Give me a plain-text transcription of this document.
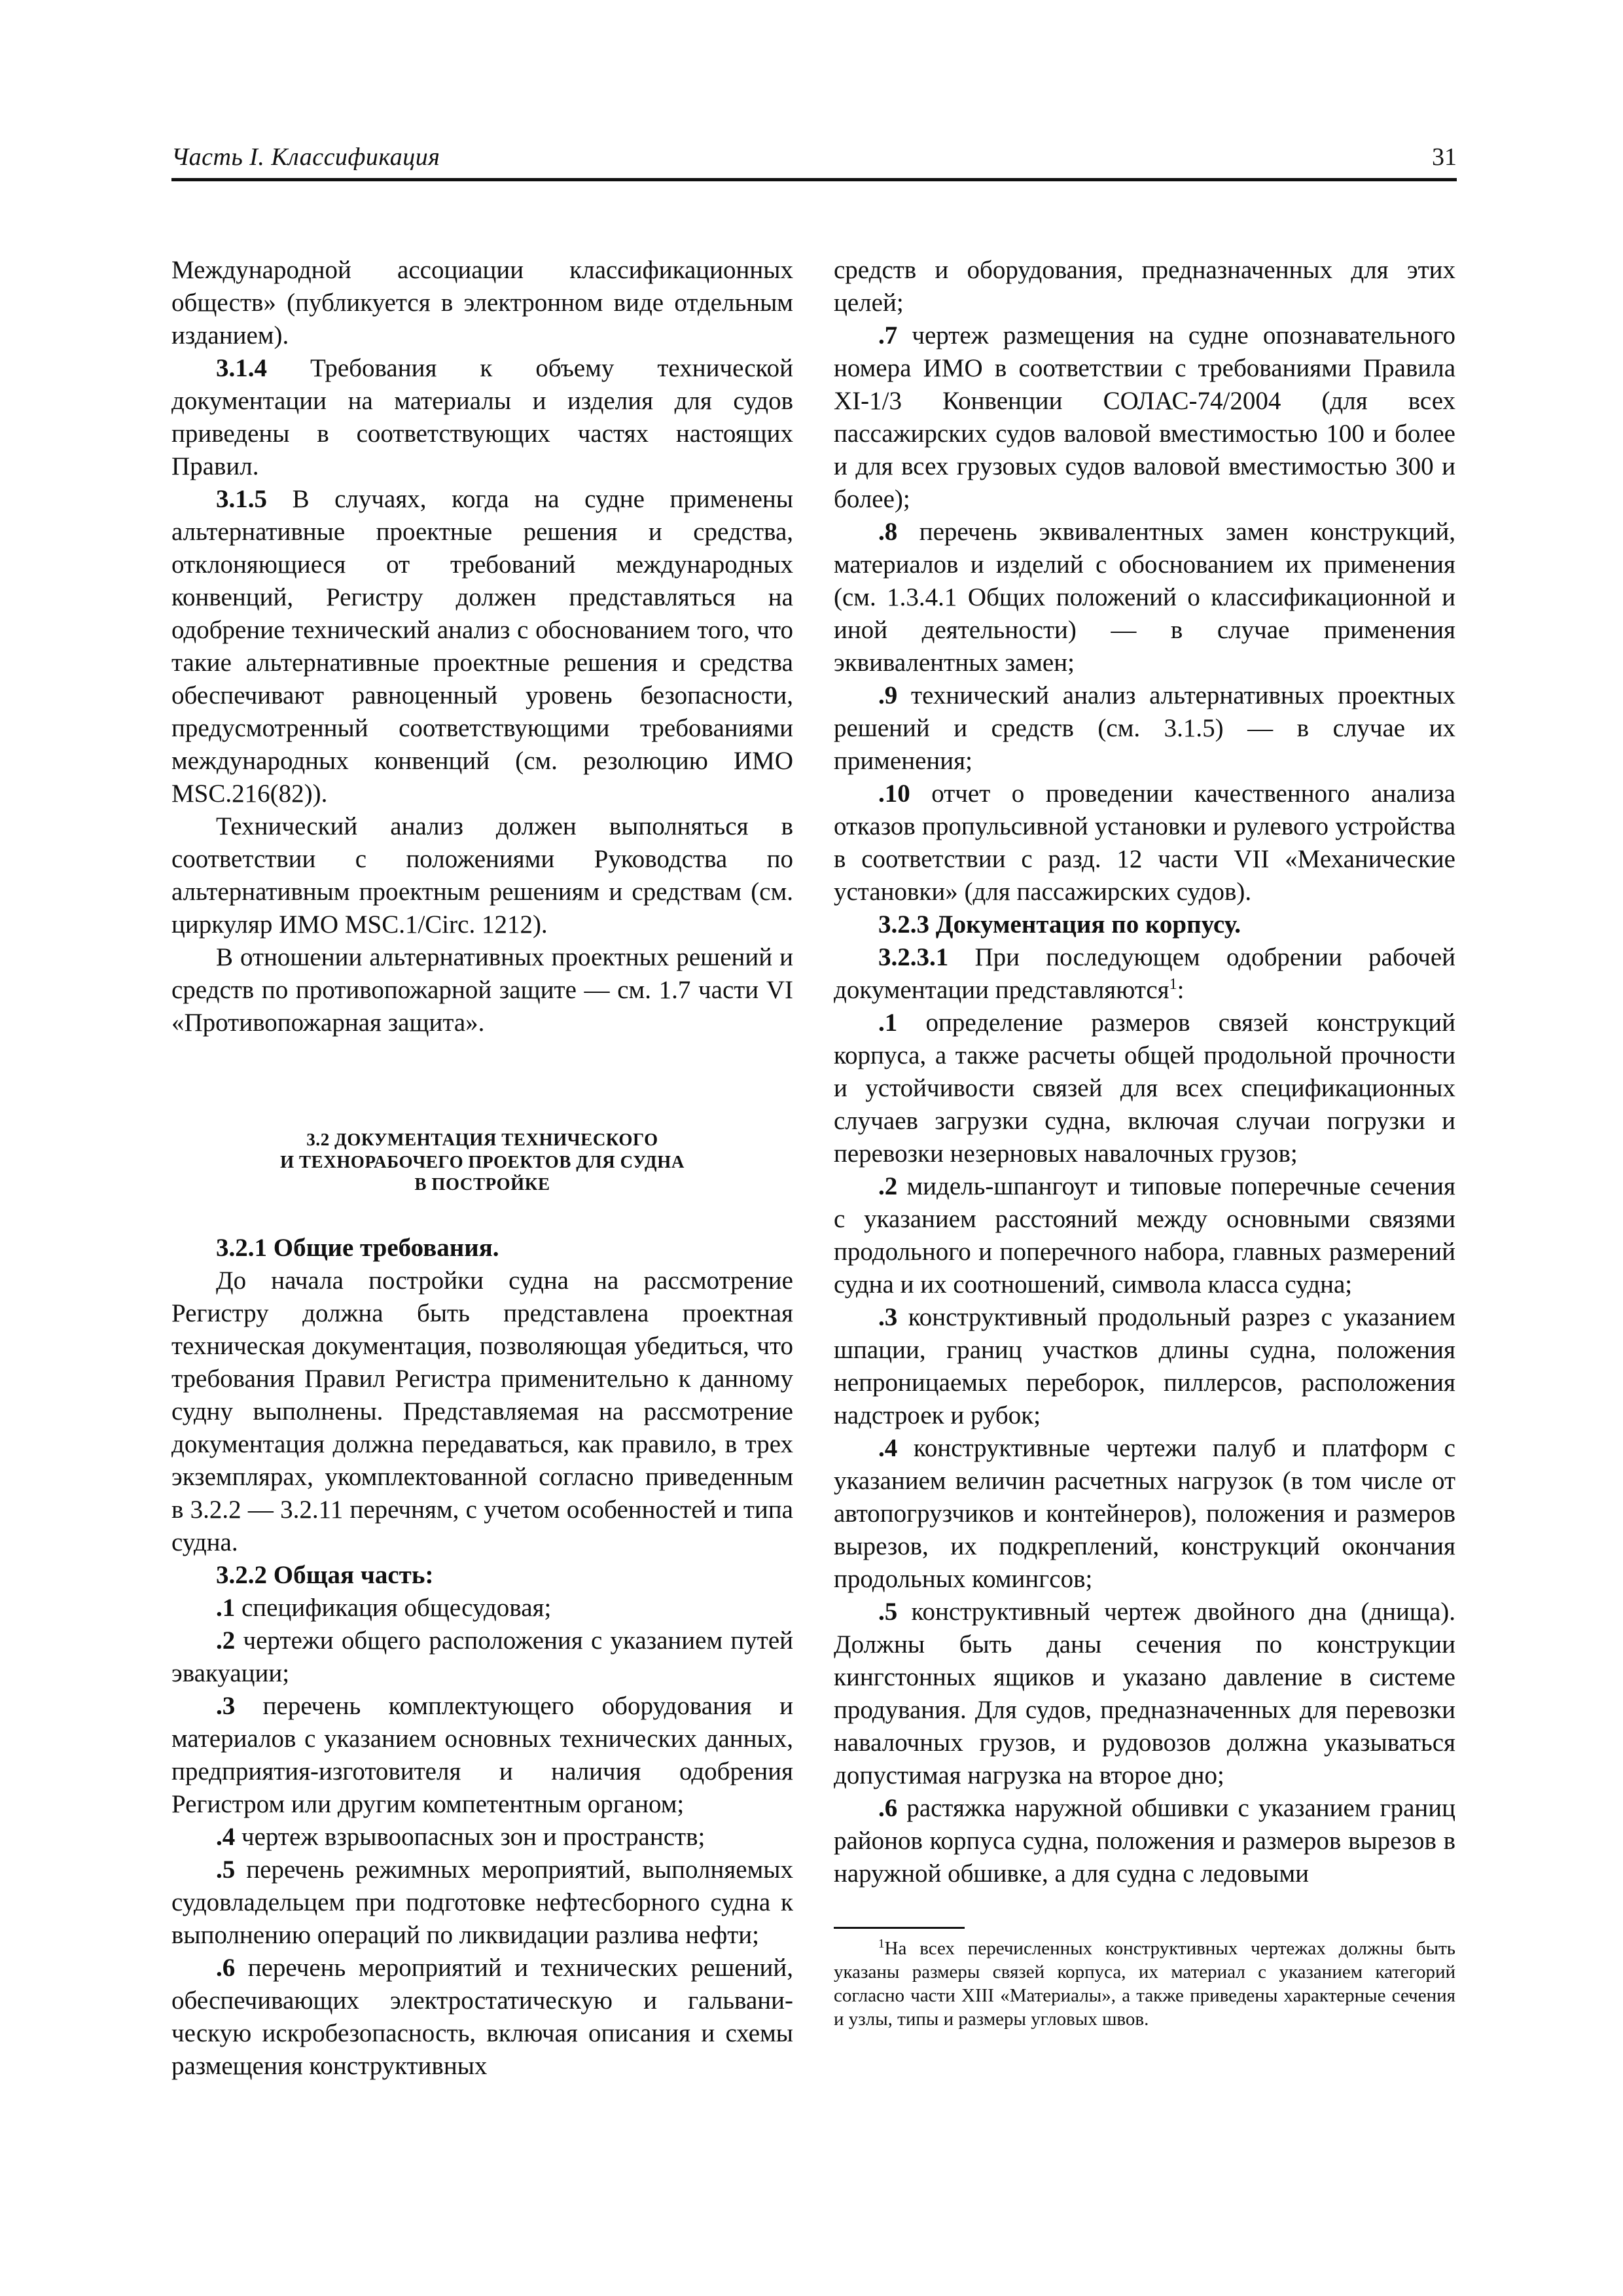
Часть I. Классификация	31

Международной ассоциации классификационных обществ» (публикуется в электронном виде отдельным изданием).

3.1.4 Требования к объему технической документации на материалы и изделия для судов приведены в соответствующих частях настоящих Правил.

3.1.5 В случаях, когда на судне применены альтернативные проектные решения и средства, отклоняющиеся от требований международных конвенций, Регистру должен представляться на одобрение технический анализ с обоснованием того, что такие альтернативные проектные решения и средства обеспечивают равноценный уровень безопасности, предусмотренный соответствующими требованиями международных конвенций (см. резолюцию ИМО MSC.216(82)).

Технический анализ должен выполняться в соответствии с положениями Руководства по альтернативным проектным решениям и средствам (см. циркуляр ИМО MSC.1/Circ. 1212).

В отношении альтернативных проектных решений и средств по противопожарной защите — см. 1.7 части VI «Противопожарная защита».

3.2 ДОКУМЕНТАЦИЯ ТЕХНИЧЕСКОГО
И ТЕХНОРАБОЧЕГО ПРОЕКТОВ ДЛЯ СУДНА
В ПОСТРОЙКЕ

3.2.1 Общие требования.

До начала постройки судна на рассмотрение Регистру должна быть представлена проектная техническая документация, позволяющая убедиться, что требования Правил Регистра применительно к данному судну выполнены. Представляемая на рассмотрение документация должна передаваться, как правило, в трех экземплярах, укомплектованной согласно приведенным в 3.2.2 — 3.2.11 перечням, с учетом особенностей и типа судна.

3.2.2 Общая часть:

.1 спецификация общесудовая;

.2 чертежи общего расположения с указанием путей эвакуации;

.3 перечень комплектующего оборудования и материалов с указанием основных технических данных, предприятия-изготовителя и наличия одобрения Регистром или другим компетентным органом;

.4 чертеж взрывоопасных зон и пространств;

.5 перечень режимных мероприятий, выполняемых судовладельцем при подготовке нефтесборного судна к выполнению операций по ликвидации разлива нефти;

.6 перечень мероприятий и технических решений, обеспечивающих электростатическую и гальвани-ческую искробезопасность, включая описания и схемы размещения конструктивных

средств и оборудования, предназначенных для этих целей;

.7 чертеж размещения на судне опознавательного номера ИМО в соответствии с требованиями Правила XI-1/3 Конвенции СОЛАС-74/2004 (для всех пассажирских судов валовой вместимостью 100 и более и для всех грузовых судов валовой вместимостью 300 и более);

.8 перечень эквивалентных замен конструкций, материалов и изделий с обоснованием их применения (см. 1.3.4.1 Общих положений о классификационной и иной деятельности) — в случае применения эквивалентных замен;

.9 технический анализ альтернативных проектных решений и средств (см. 3.1.5) — в случае их применения;

.10 отчет о проведении качественного анализа отказов пропульсивной установки и рулевого устройства в соответствии с разд. 12 части VII «Механические установки» (для пассажирских судов).

3.2.3 Документация по корпусу.

3.2.3.1 При последующем одобрении рабочей документации представляются$^1$:

.1 определение размеров связей конструкций корпуса, а также расчеты общей продольной прочности и устойчивости связей для всех спецификационных случаев загрузки судна, включая случаи погрузки и перевозки незерновых навалочных грузов;

.2 мидель-шпангоут и типовые поперечные сечения с указанием расстояний между основными связями продольного и поперечного набора, главных размерений судна и их соотношений, символа класса судна;

.3 конструктивный продольный разрез с указанием шпации, границ участков длины судна, положения непроницаемых переборок, пиллерсов, расположения надстроек и рубок;

.4 конструктивные чертежи палуб и платформ с указанием величин расчетных нагрузок (в том числе от автопогрузчиков и контейнеров), положения и размеров вырезов, их подкреплений, конструкций окончания продольных комингсов;

.5 конструктивный чертеж двойного дна (днища). Должны быть даны сечения по конструкции кингстонных ящиков и указано давление в системе продувания. Для судов, предназначенных для перевозки навалочных грузов, и рудовозов должна указываться допустимая нагрузка на второе дно;

.6 растяжка наружной обшивки с указанием границ районов корпуса судна, положения и размеров вырезов в наружной обшивке, а для судна с ледовыми

$^1$На всех перечисленных конструктивных чертежах должны быть указаны размеры связей корпуса, их материал с указанием категорий согласно части XIII «Материалы», а также приведены характерные сечения и узлы, типы и размеры угловых швов.
